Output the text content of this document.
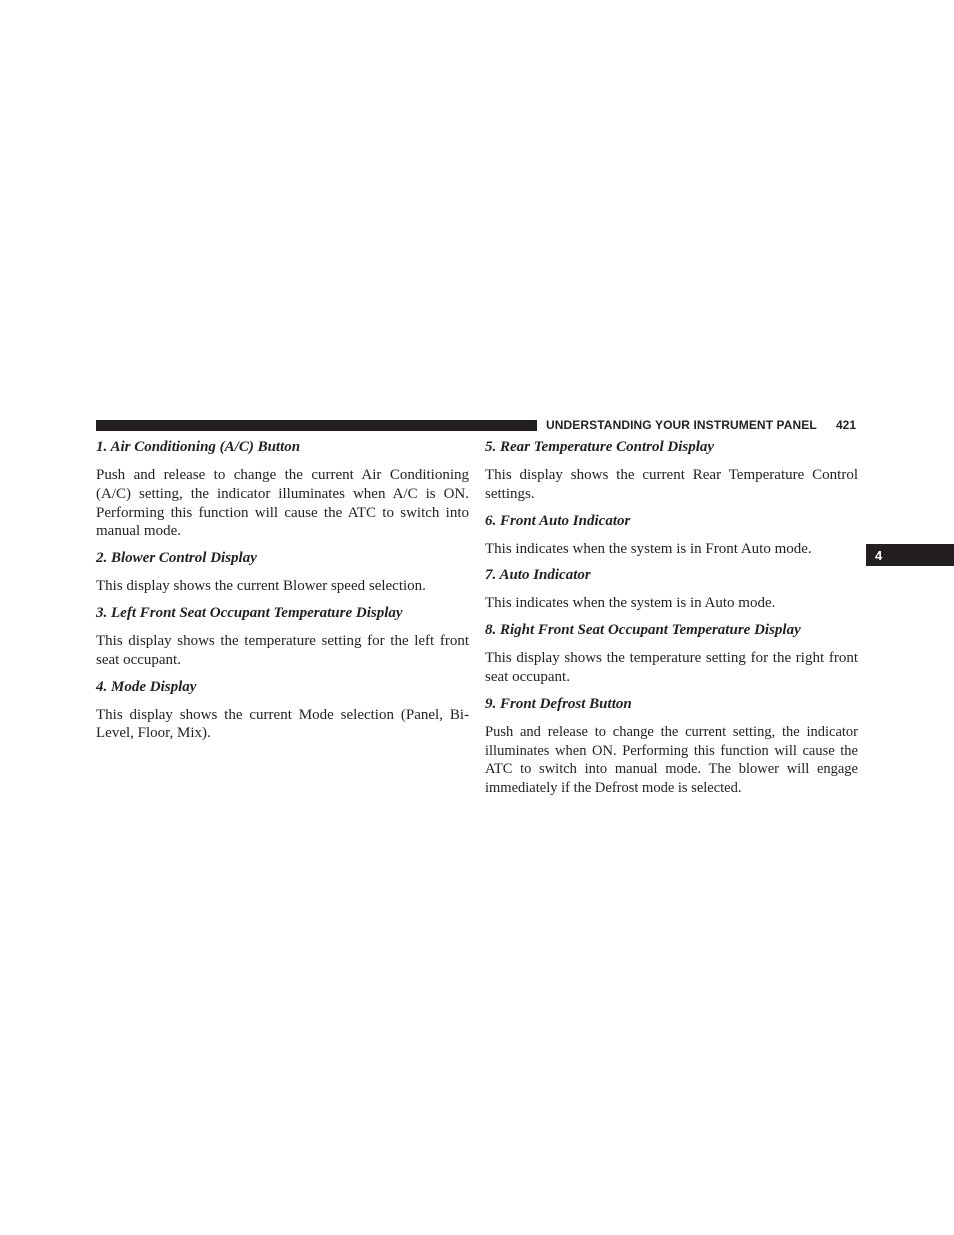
UNDERSTANDING YOUR INSTRUMENT PANEL 421
4

1. Air Conditioning (A/C) Button

Push and release to change the current Air Conditioning (A/C) setting, the indicator illuminates when A/C is ON. Performing this function will cause the ATC to switch into manual mode.

2. Blower Control Display

This display shows the current Blower speed selection.

3. Left Front Seat Occupant Temperature Display

This display shows the temperature setting for the left front seat occupant.

4. Mode Display

This display shows the current Mode selection (Panel, Bi-Level, Floor, Mix).

5. Rear Temperature Control Display

This display shows the current Rear Temperature Control settings.

6. Front Auto Indicator

This indicates when the system is in Front Auto mode.

7. Auto Indicator

This indicates when the system is in Auto mode.

8. Right Front Seat Occupant Temperature Display

This display shows the temperature setting for the right front seat occupant.

9. Front Defrost Button

Push and release to change the current setting, the indicator illuminates when ON. Performing this function will cause the ATC to switch into manual mode. The blower will engage immediately if the Defrost mode is selected.
